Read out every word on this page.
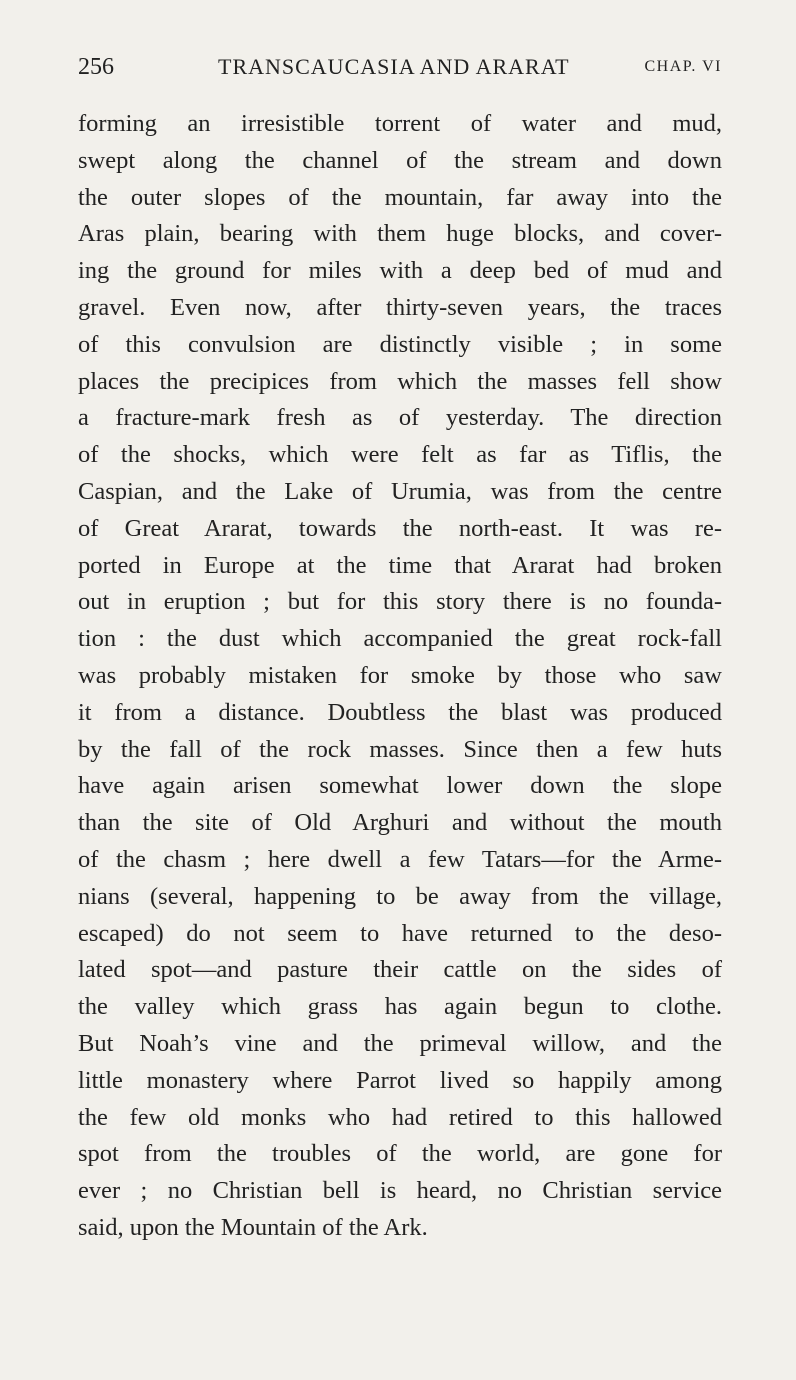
256	TRANSCAUCASIA AND ARARAT	CHAP. VI
forming an irresistible torrent of water and mud,
swept along the channel of the stream and down
the outer slopes of the mountain, far away into the
Aras plain, bearing with them huge blocks, and cover-
ing the ground for miles with a deep bed of mud and
gravel. Even now, after thirty-seven years, the traces
of this convulsion are distinctly visible ; in some
places the precipices from which the masses fell show
a fracture-mark fresh as of yesterday. The direction
of the shocks, which were felt as far as Tiflis, the
Caspian, and the Lake of Urumia, was from the centre
of Great Ararat, towards the north-east. It was re-
ported in Europe at the time that Ararat had broken
out in eruption ; but for this story there is no founda-
tion : the dust which accompanied the great rock-fall
was probably mistaken for smoke by those who saw
it from a distance. Doubtless the blast was produced
by the fall of the rock masses. Since then a few huts
have again arisen somewhat lower down the slope
than the site of Old Arghuri and without the mouth
of the chasm ; here dwell a few Tatars—for the Arme-
nians (several, happening to be away from the village,
escaped) do not seem to have returned to the deso-
lated spot—and pasture their cattle on the sides of
the valley which grass has again begun to clothe.
But Noah’s vine and the primeval willow, and the
little monastery where Parrot lived so happily among
the few old monks who had retired to this hallowed
spot from the troubles of the world, are gone for
ever ; no Christian bell is heard, no Christian service
said, upon the Mountain of the Ark.
